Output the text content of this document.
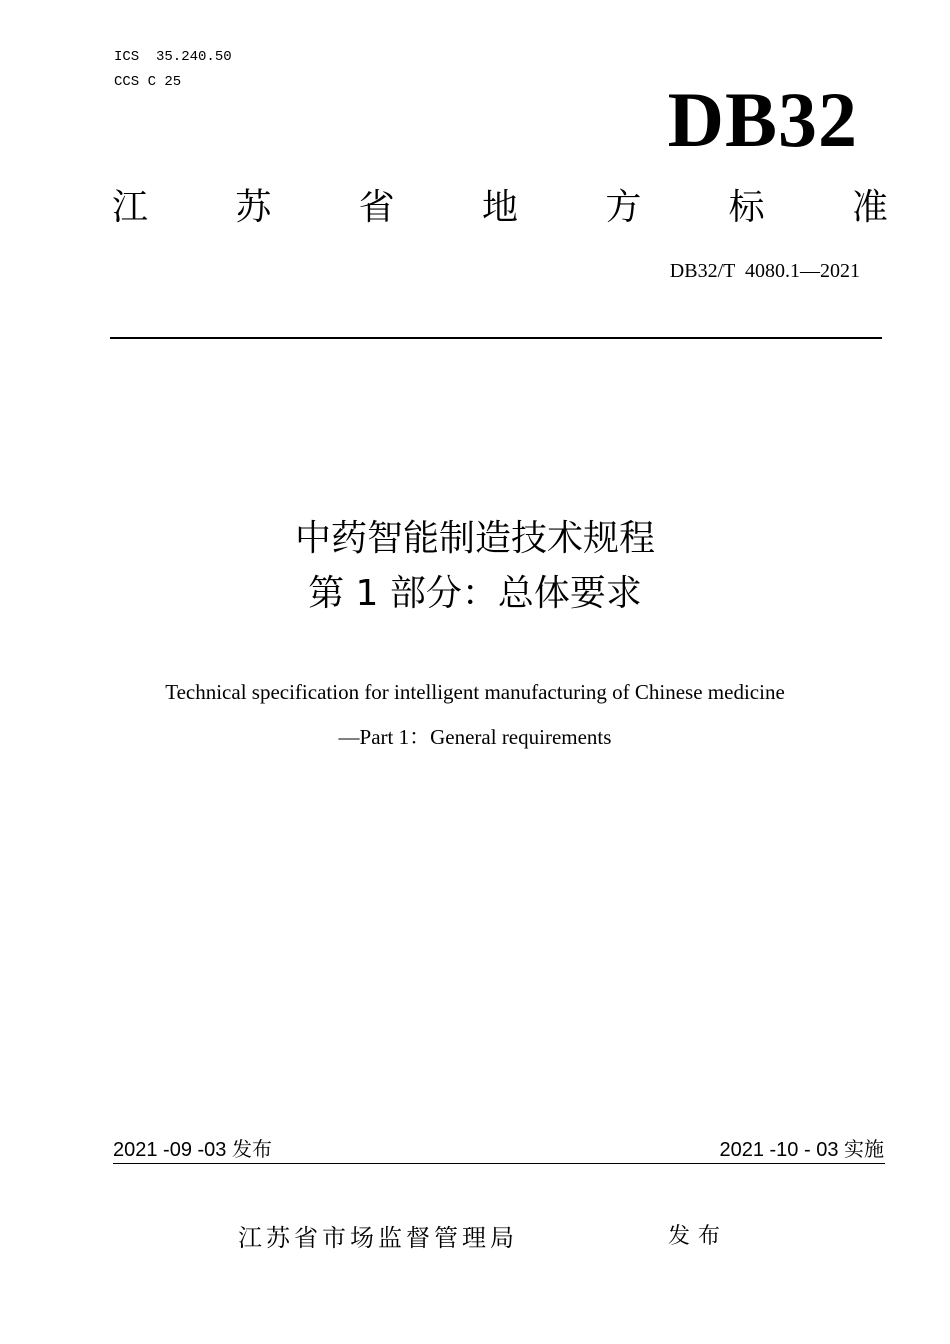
ICS  35.240.50
CCS C 25	DB32
江 苏 省 地 方 标 准
DB32/T  4080.1—2021
中药智能制造技术规程
第 1 部分：总体要求
Technical specification for intelligent manufacturing of Chinese medicine
—Part 1：General requirements
2021 -09 -03 发布	2021 -10 - 03 实施
江苏省市场监督管理局	发布
